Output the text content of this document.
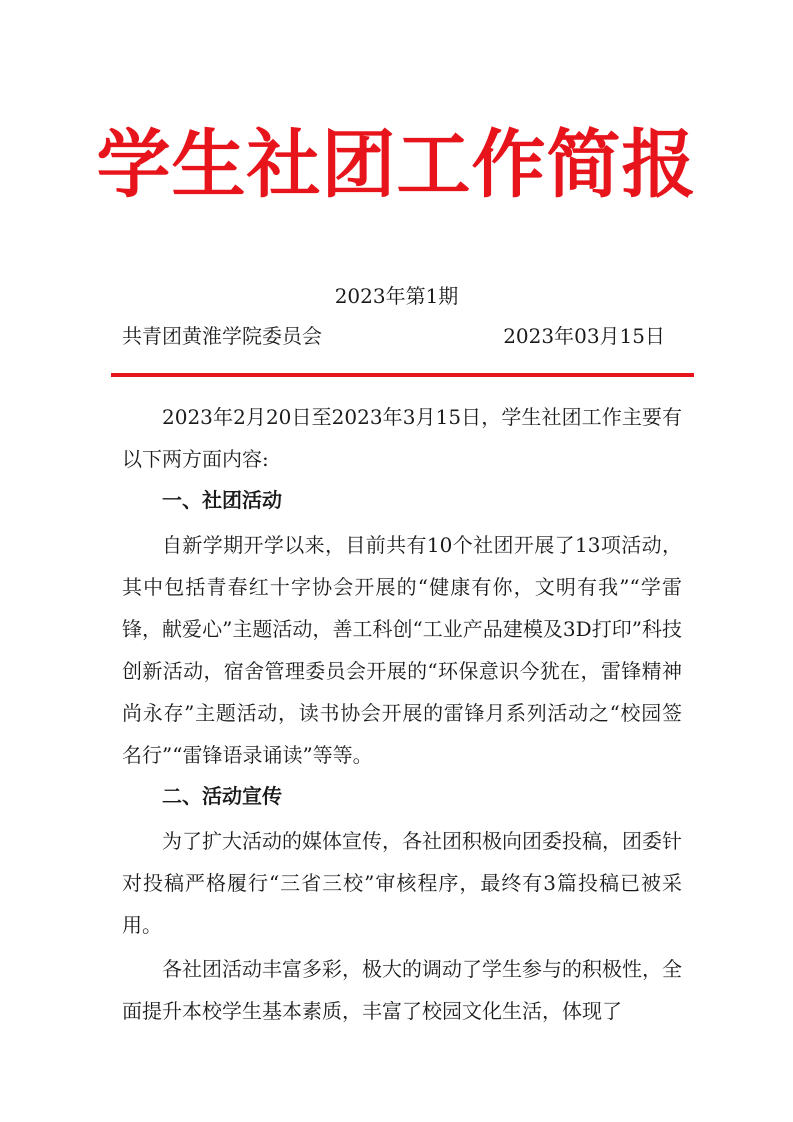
学生社团工作简报
2023年第1期
共青团黄淮学院委员会	2023年03月15日
2023年2月20日至2023年3月15日，学生社团工作主要有以下两方面内容:
一、社团活动
自新学期开学以来，目前共有10个社团开展了13项活动，其中包括青春红十字协会开展的“健康有你，文明有我”“学雷锋，献爱心”主题活动，善工科创“工业产品建模及3D打印”科技创新活动，宿舍管理委员会开展的“环保意识今犹在，雷锋精神尚永存”主题活动，读书协会开展的雷锋月系列活动之“校园签名行”“雷锋语录诵读”等等。
二、活动宣传
为了扩大活动的媒体宣传，各社团积极向团委投稿，团委针对投稿严格履行“三省三校”审核程序，最终有3篇投稿已被采用。
各社团活动丰富多彩，极大的调动了学生参与的积极性，全面提升本校学生基本素质，丰富了校园文化生活，体现了
